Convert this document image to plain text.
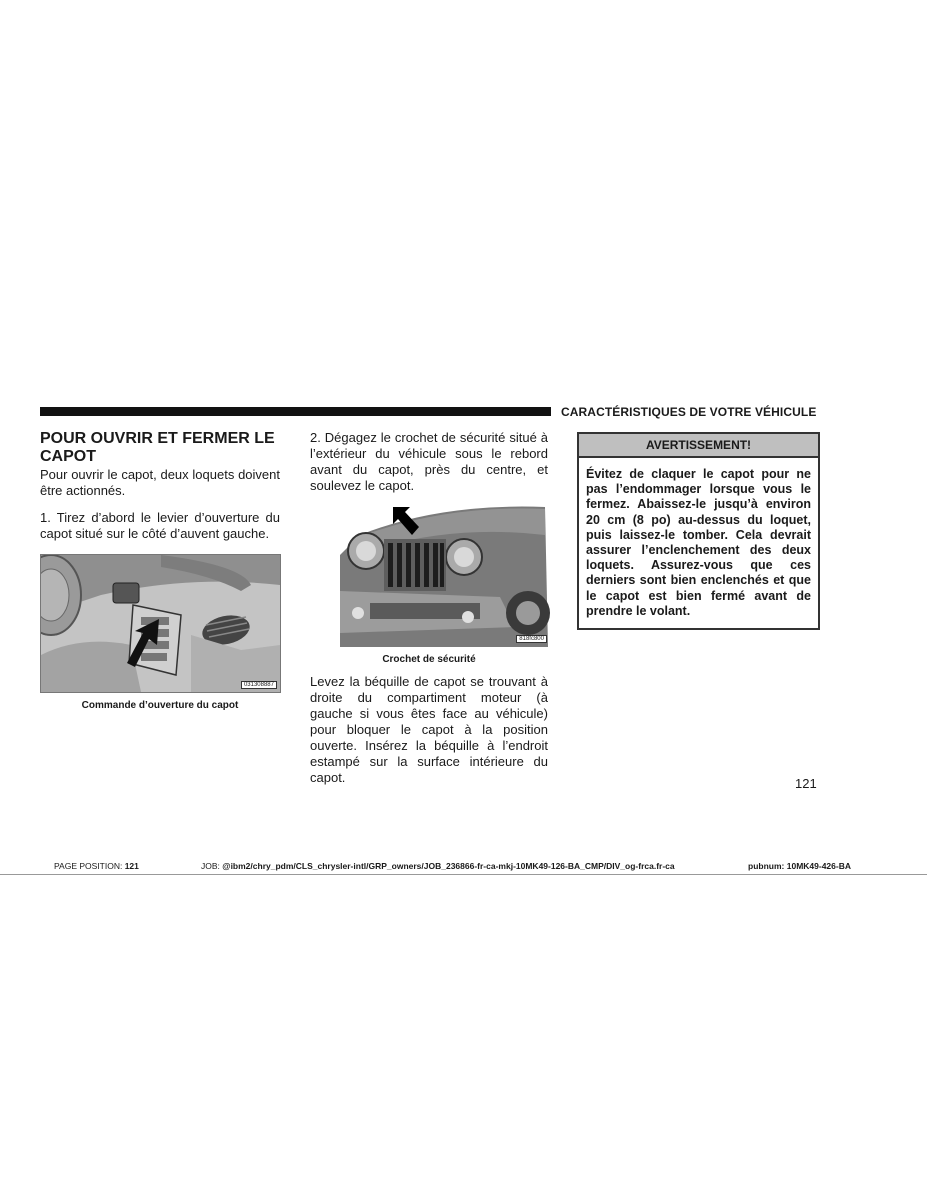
CARACTÉRISTIQUES DE VOTRE VÉHICULE
POUR OUVRIR ET FERMER LE CAPOT

Pour ouvrir le capot, deux loquets doivent être actionnés.

1. Tirez d’abord le levier d’ouverture du capot situé sur le côté d’auvent gauche.

031308887
Commande d’ouverture du capot

2. Dégagez le crochet de sécurité situé à l’extérieur du véhicule sous le rebord avant du capot, près du centre, et soulevez le capot.

818fc800
Crochet de sécurité

Levez la béquille de capot se trouvant à droite du compartiment moteur (à gauche si vous êtes face au véhicule) pour bloquer le capot à la position ouverte. Insérez la béquille à l’endroit estampé sur la surface intérieure du capot.

AVERTISSEMENT!
Évitez de claquer le capot pour ne pas l’endommager lorsque vous le fermez. Abaissez-le jusqu’à environ 20 cm (8 po) au-dessus du loquet, puis laissez-le tomber. Cela devrait assurer l’enclenchement des deux loquets. Assurez-vous que ces derniers sont bien enclenchés et que le capot est bien fermé avant de prendre le volant.
121
PAGE POSITION: 121	JOB: @ibm2/chry_pdm/CLS_chrysler-intl/GRP_owners/JOB_236866-fr-ca-mkj-10MK49-126-BA_CMP/DIV_og-frca.fr-ca	pubnum: 10MK49-426-BA
